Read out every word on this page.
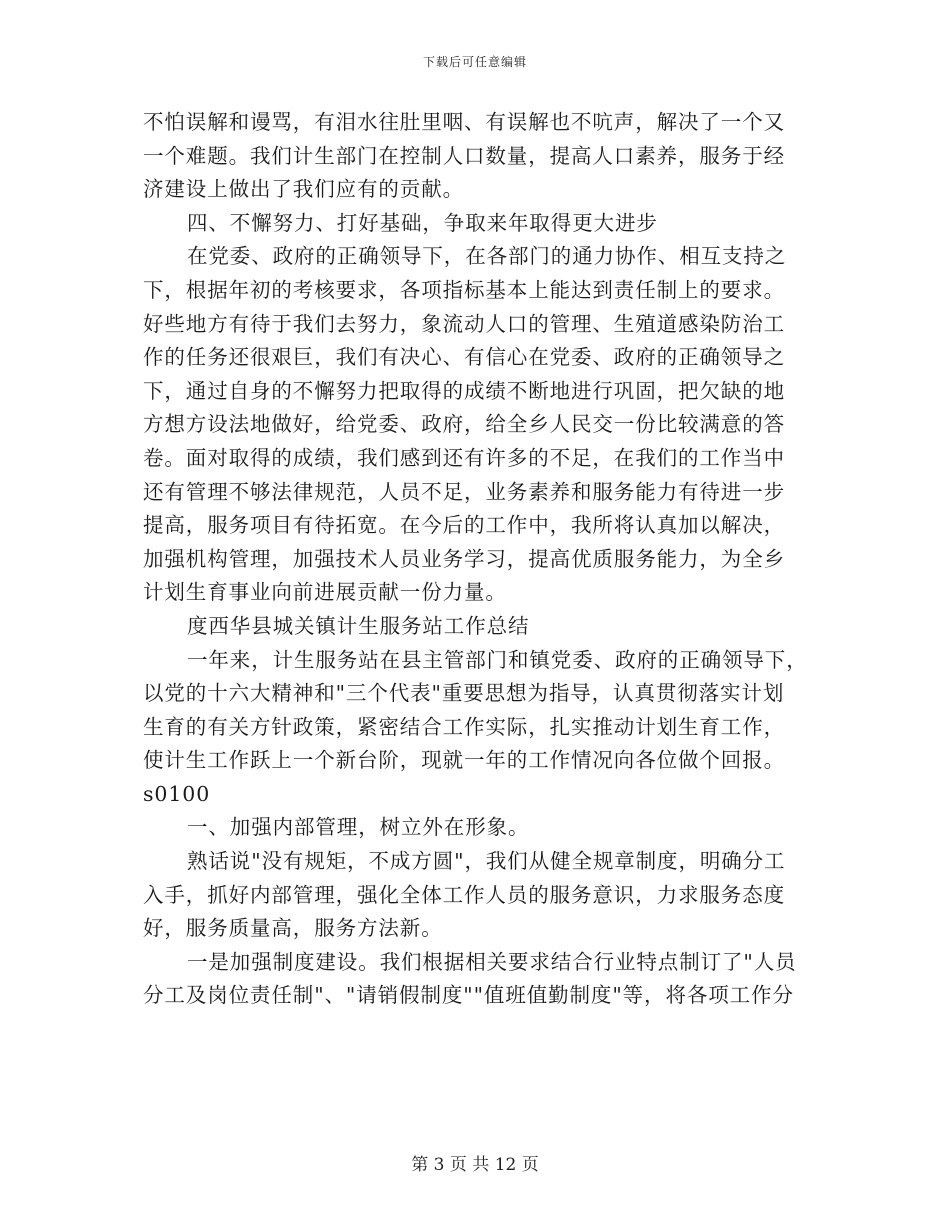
下载后可任意编辑
不怕误解和谩骂，有泪水往肚里咽、有误解也不吭声，解决了一个又
一个难题。我们计生部门在控制人口数量，提高人口素养，服务于经
济建设上做出了我们应有的贡献。
四、不懈努力、打好基础，争取来年取得更大进步
在党委、政府的正确领导下，在各部门的通力协作、相互支持之
下，根据年初的考核要求，各项指标基本上能达到责任制上的要求。
好些地方有待于我们去努力，象流动人口的管理、生殖道感染防治工
作的任务还很艰巨，我们有决心、有信心在党委、政府的正确领导之
下，通过自身的不懈努力把取得的成绩不断地进行巩固，把欠缺的地
方想方设法地做好，给党委、政府，给全乡人民交一份比较满意的答
卷。面对取得的成绩，我们感到还有许多的不足，在我们的工作当中
还有管理不够法律规范，人员不足，业务素养和服务能力有待进一步
提高，服务项目有待拓宽。在今后的工作中，我所将认真加以解决，
加强机构管理，加强技术人员业务学习，提高优质服务能力，为全乡
计划生育事业向前进展贡献一份力量。
度西华县城关镇计生服务站工作总结
一年来，计生服务站在县主管部门和镇党委、政府的正确领导下，
以党的十六大精神和"三个代表"重要思想为指导，认真贯彻落实计划
生育的有关方针政策，紧密结合工作实际，扎实推动计划生育工作，
使计生工作跃上一个新台阶，现就一年的工作情况向各位做个回报。
s0100
一、加强内部管理，树立外在形象。
熟话说"没有规矩，不成方圆"，我们从健全规章制度，明确分工
入手，抓好内部管理，强化全体工作人员的服务意识，力求服务态度
好，服务质量高，服务方法新。
一是加强制度建设。我们根据相关要求结合行业特点制订了"人员
分工及岗位责任制"、"请销假制度""值班值勤制度"等，将各项工作分
第 3 页 共 12 页
